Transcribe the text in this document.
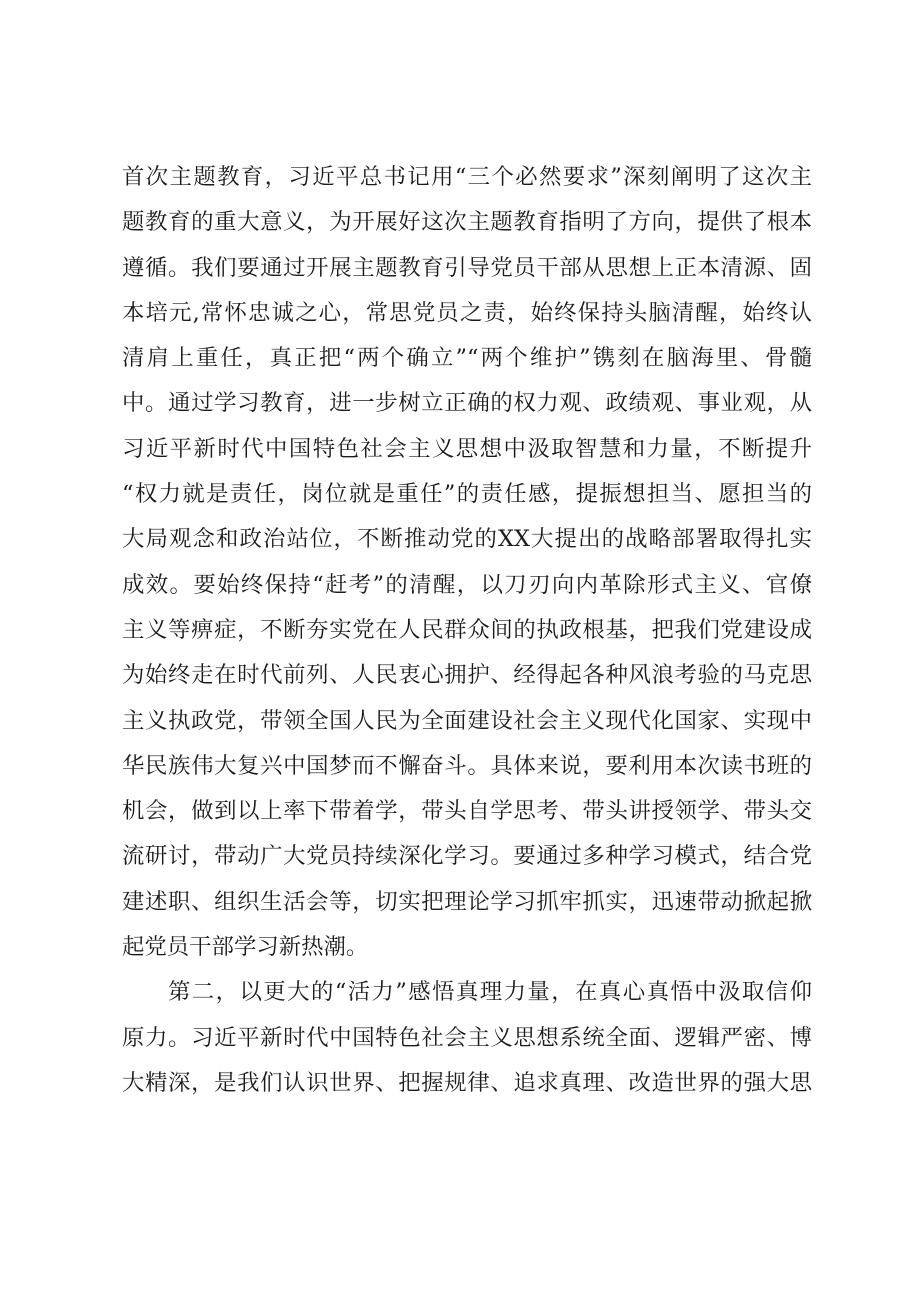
首次主题教育，习近平总书记用“三个必然要求”深刻阐明了这次主
题教育的重大意义，为开展好这次主题教育指明了方向，提供了根本
遵循。我们要通过开展主题教育引导党员干部从思想上正本清源、固
本培元,常怀忠诚之心，常思党员之责，始终保持头脑清醒，始终认
清肩上重任，真正把“两个确立”“两个维护”镌刻在脑海里、骨髓
中。通过学习教育，进一步树立正确的权力观、政绩观、事业观，从
习近平新时代中国特色社会主义思想中汲取智慧和力量，不断提升
“权力就是责任，岗位就是重任”的责任感，提振想担当、愿担当的
大局观念和政治站位，不断推动党的XX大提出的战略部署取得扎实
成效。要始终保持“赶考”的清醒，以刀刃向内革除形式主义、官僚
主义等痹症，不断夯实党在人民群众间的执政根基，把我们党建设成
为始终走在时代前列、人民衷心拥护、经得起各种风浪考验的马克思
主义执政党，带领全国人民为全面建设社会主义现代化国家、实现中
华民族伟大复兴中国梦而不懈奋斗。具体来说，要利用本次读书班的
机会，做到以上率下带着学，带头自学思考、带头讲授领学、带头交
流研讨，带动广大党员持续深化学习。要通过多种学习模式，结合党
建述职、组织生活会等，切实把理论学习抓牢抓实，迅速带动掀起掀
起党员干部学习新热潮。
第二，以更大的“活力”感悟真理力量，在真心真悟中汲取信仰
原力。习近平新时代中国特色社会主义思想系统全面、逻辑严密、博
大精深，是我们认识世界、把握规律、追求真理、改造世界的强大思
